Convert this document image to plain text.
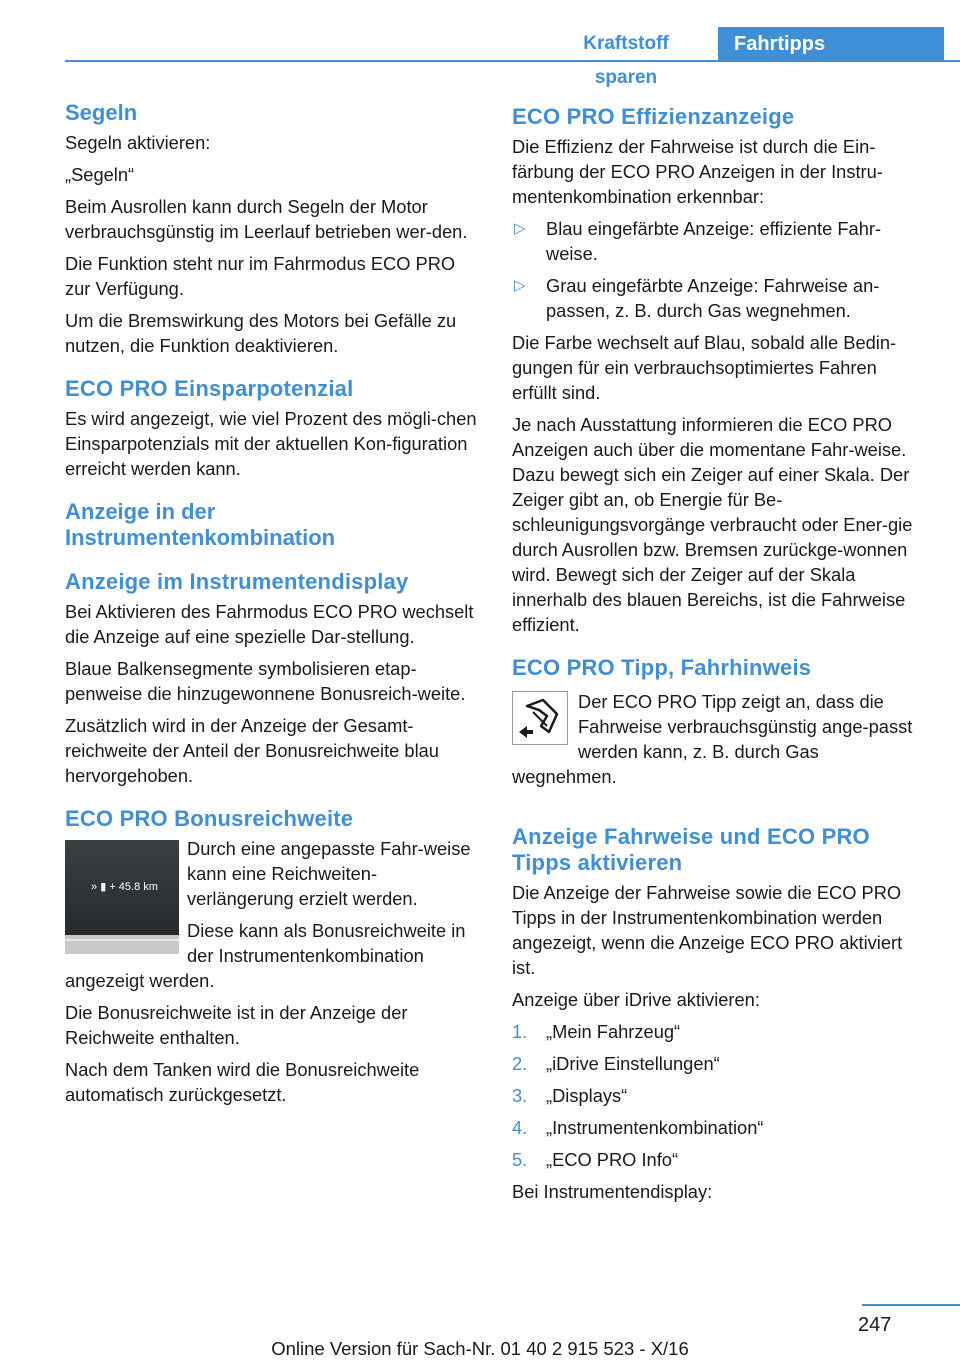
Kraftstoff sparen
Fahrtipps
Segeln

Segeln aktivieren:

„Segeln“

Beim Ausrollen kann durch Segeln der Motor verbrauchsgünstig im Leerlauf betrieben wer‐den.

Die Funktion steht nur im Fahrmodus ECO PRO zur Verfügung.

Um die Bremswirkung des Motors bei Gefälle zu nutzen, die Funktion deaktivieren.

ECO PRO Einsparpotenzial

Es wird angezeigt, wie viel Prozent des mögli‐chen Einsparpotenzials mit der aktuellen Kon‐figuration erreicht werden kann.

Anzeige in der Instrumentenkombination
Anzeige im Instrumentendisplay

Bei Aktivieren des Fahrmodus ECO PRO wechselt die Anzeige auf eine spezielle Dar‐stellung.

Blaue Balkensegmente symbolisieren etap‐penweise die hinzugewonnene Bonusreich‐weite.

Zusätzlich wird in der Anzeige der Gesamt‐reichweite der Anteil der Bonusreichweite blau hervorgehoben.

ECO PRO Bonusreichweite
» ▮ + 45.8 km

Durch eine angepasste Fahr‐weise kann eine Reichweiten‐verlängerung erzielt werden.

Diese kann als Bonusreichweite in der Instrumentenkombination angezeigt werden.

Die Bonusreichweite ist in der Anzeige der Reichweite enthalten.

Nach dem Tanken wird die Bonusreichweite automatisch zurückgesetzt.

ECO PRO Effizienzanzeige

Die Effizienz der Fahrweise ist durch die Ein‐färbung der ECO PRO Anzeigen in der Instru‐mentenkombination erkennbar:

▷ Blau eingefärbte Anzeige: effiziente Fahr‐weise.
▷ Grau eingefärbte Anzeige: Fahrweise an‐passen, z. B. durch Gas wegnehmen.

Die Farbe wechselt auf Blau, sobald alle Bedin‐gungen für ein verbrauchsoptimiertes Fahren erfüllt sind.

Je nach Ausstattung informieren die ECO PRO Anzeigen auch über die momentane Fahr‐weise. Dazu bewegt sich ein Zeiger auf einer Skala. Der Zeiger gibt an, ob Energie für Be‐schleunigungsvorgänge verbraucht oder Ener‐gie durch Ausrollen bzw. Bremsen zurückge‐wonnen wird. Bewegt sich der Zeiger auf der Skala innerhalb des blauen Bereichs, ist die Fahrweise effizient.

ECO PRO Tipp, Fahrhinweis

Der ECO PRO Tipp zeigt an, dass die Fahrweise verbrauchsgünstig ange‐passt werden kann, z. B. durch Gas wegnehmen.

Anzeige Fahrweise und ECO PRO Tipps aktivieren

Die Anzeige der Fahrweise sowie die ECO PRO Tipps in der Instrumentenkombination werden angezeigt, wenn die Anzeige ECO PRO aktiviert ist.

Anzeige über iDrive aktivieren:

1. „Mein Fahrzeug“
2. „iDrive Einstellungen“
3. „Displays“
4. „Instrumentenkombination“
5. „ECO PRO Info“

Bei Instrumentendisplay:

247
Online Version für Sach-Nr. 01 40 2 915 523 - X/16
